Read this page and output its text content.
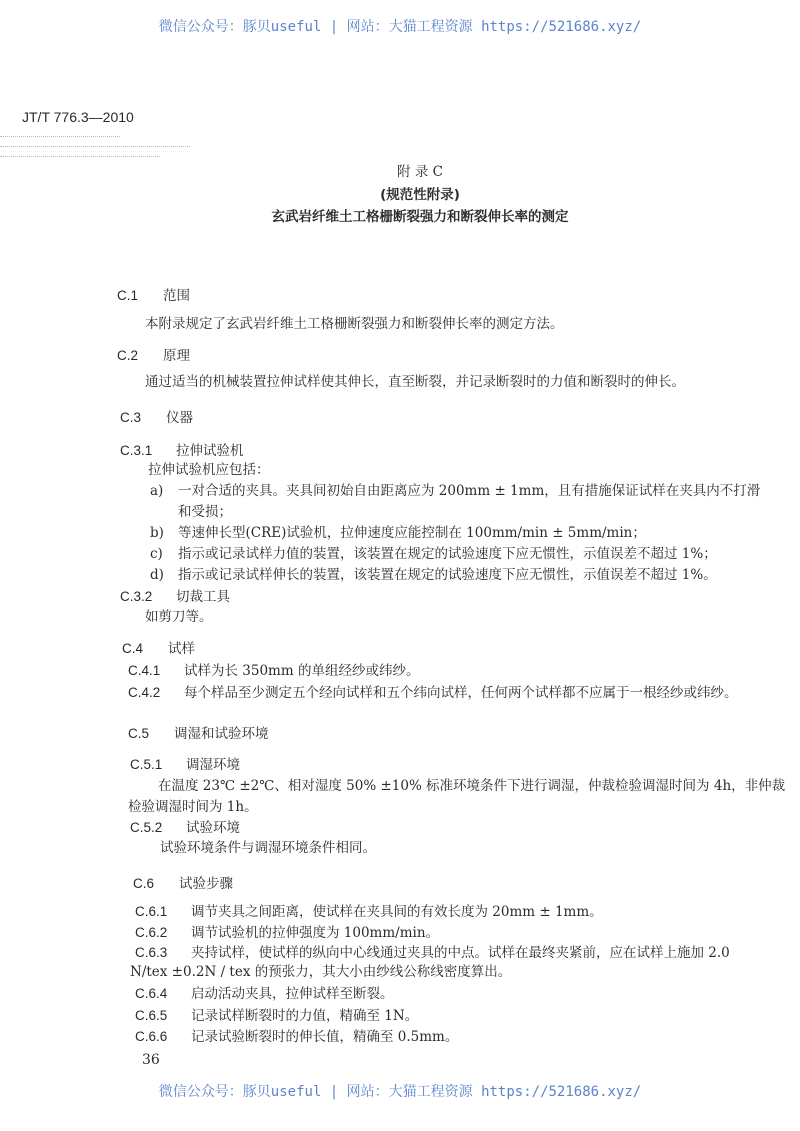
微信公众号：豚贝useful | 网站：大猫工程资源 https://521686.xyz/
JT/T 776.3—2010
附 录 C
(规范性附录)
玄武岩纤维土工格栅断裂强力和断裂伸长率的测定
C.1 范围
本附录规定了玄武岩纤维土工格栅断裂强力和断裂伸长率的测定方法。
C.2 原理
通过适当的机械装置拉伸试样使其伸长，直至断裂，并记录断裂时的力值和断裂时的伸长。
C.3 仪器
C.3.1 拉伸试验机
拉伸试验机应包括：
a) 一对合适的夹具。夹具间初始自由距离应为 200mm ± 1mm，且有措施保证试样在夹具内不打滑
和受损；
b) 等速伸长型(CRE)试验机，拉伸速度应能控制在 100mm/min ± 5mm/min；
c) 指示或记录试样力值的装置，该装置在规定的试验速度下应无惯性，示值误差不超过 1%；
d) 指示或记录试样伸长的装置，该装置在规定的试验速度下应无惯性，示值误差不超过 1%。
C.3.2 切裁工具
如剪刀等。
C.4 试样
C.4.1 试样为长 350mm 的单组经纱或纬纱。
C.4.2 每个样品至少测定五个经向试样和五个纬向试样，任何两个试样都不应属于一根经纱或纬纱。
C.5 调湿和试验环境
C.5.1 调湿环境
在温度 23℃ ±2℃、相对湿度 50% ±10% 标准环境条件下进行调湿，仲裁检验调湿时间为 4h，非仲裁
检验调湿时间为 1h。
C.5.2 试验环境
试验环境条件与调湿环境条件相同。
C.6 试验步骤
C.6.1 调节夹具之间距离，使试样在夹具间的有效长度为 20mm ± 1mm。
C.6.2 调节试验机的拉伸强度为 100mm/min。
C.6.3 夹持试样，使试样的纵向中心线通过夹具的中点。试样在最终夹紧前，应在试样上施加 2.0
N/tex ±0.2N / tex 的预张力，其大小由纱线公称线密度算出。
C.6.4 启动活动夹具，拉伸试样至断裂。
C.6.5 记录试样断裂时的力值，精确至 1N。
C.6.6 记录试验断裂时的伸长值，精确至 0.5mm。
36
微信公众号：豚贝useful | 网站：大猫工程资源 https://521686.xyz/
